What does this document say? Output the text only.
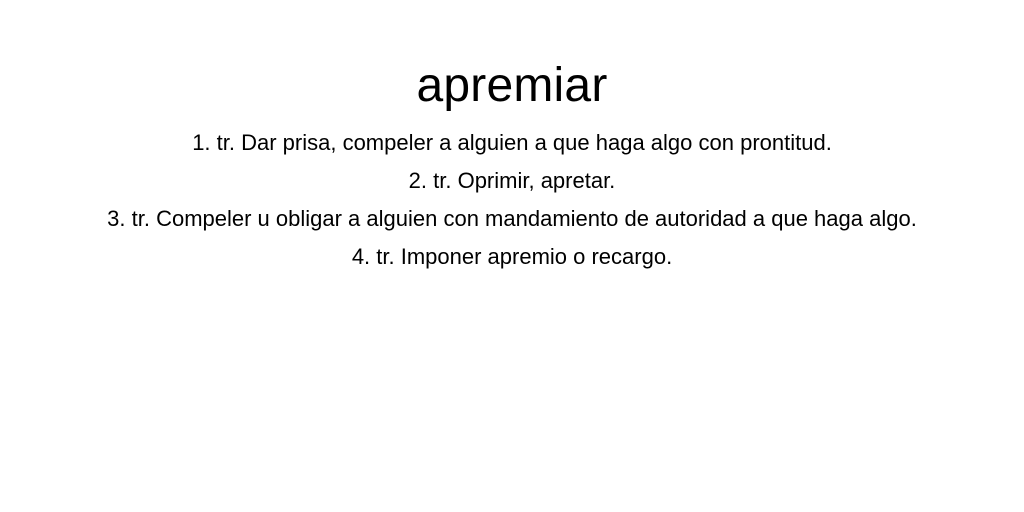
apremiar
1. tr. Dar prisa, compeler a alguien a que haga algo con prontitud.
2. tr. Oprimir, apretar.
3. tr. Compeler u obligar a alguien con mandamiento de autoridad a que haga algo.
4. tr. Imponer apremio o recargo.
